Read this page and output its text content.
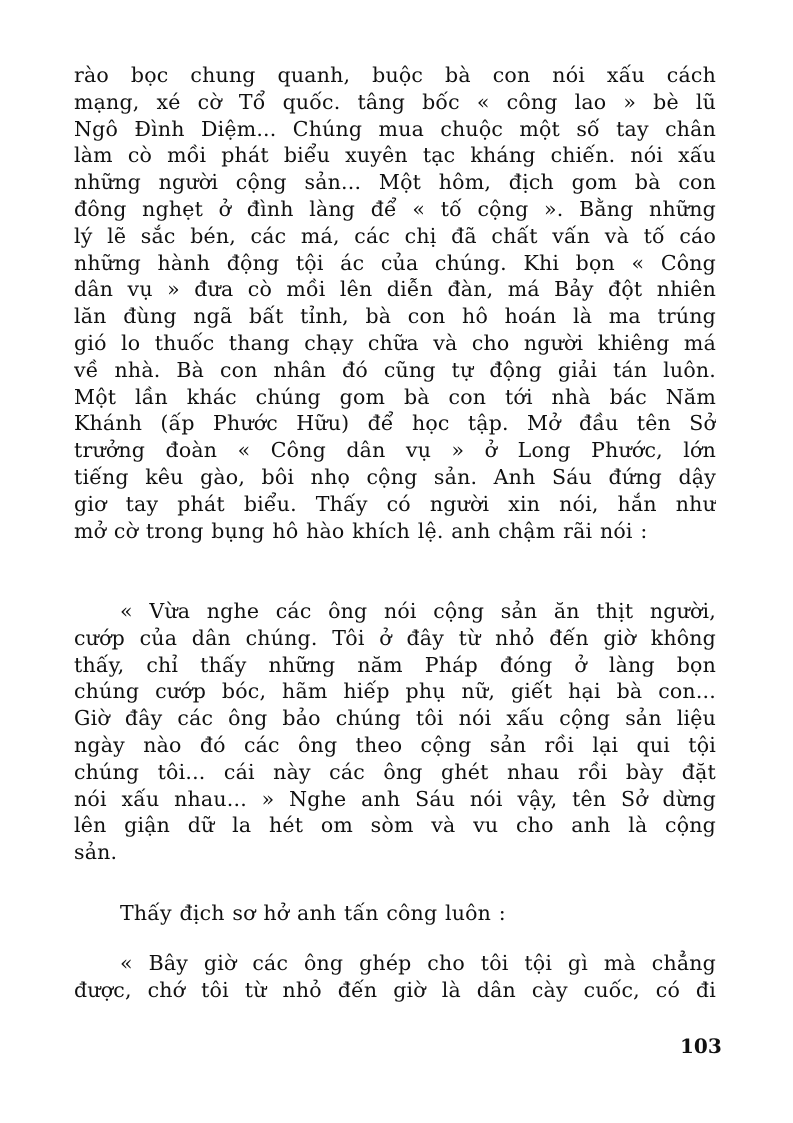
rào bọc chung quanh, buộc bà con nói xấu cách
mạng, xé cờ Tổ quốc. tâng bốc « công lao » bè lũ
Ngô Đình Diệm... Chúng mua chuộc một số tay chân
làm cò mồi phát biểu xuyên tạc kháng chiến. nói xấu
những người cộng sản... Một hôm, địch gom bà con
đông nghẹt ở đình làng để « tố cộng ». Bằng những
lý lẽ sắc bén, các má, các chị đã chất vấn và tố cáo
những hành động tội ác của chúng. Khi bọn « Công
dân vụ » đưa cò mồi lên diễn đàn, má Bảy đột nhiên
lăn đùng ngã bất tỉnh, bà con hô hoán là ma trúng
gió lo thuốc thang chạy chữa và cho người khiêng má
về nhà. Bà con nhân đó cũng tự động giải tán luôn.
Một lần khác chúng gom bà con tới nhà bác Năm
Khánh (ấp Phước Hữu) để học tập. Mở đầu tên Sở
trưởng đoàn « Công dân vụ » ở Long Phước, lớn
tiếng kêu gào, bôi nhọ cộng sản. Anh Sáu đứng dậy
giơ tay phát biểu. Thấy có người xin nói, hắn như
mở cờ trong bụng hô hào khích lệ. anh chậm rãi nói :
« Vừa nghe các ông nói cộng sản ăn thịt người,
cướp của dân chúng. Tôi ở đây từ nhỏ đến giờ không
thấy, chỉ thấy những năm Pháp đóng ở làng bọn
chúng cướp bóc, hãm hiếp phụ nữ, giết hại bà con...
Giờ đây các ông bảo chúng tôi nói xấu cộng sản liệu
ngày nào đó các ông theo cộng sản rồi lại qui tội
chúng tôi... cái này các ông ghét nhau rồi bày đặt
nói xấu nhau... » Nghe anh Sáu nói vậy, tên Sở dừng
lên giận dữ la hét om sòm và vu cho anh là cộng
sản.
Thấy địch sơ hở anh tấn công luôn :
« Bây giờ các ông ghép cho tôi tội gì mà chẳng
được, chớ tôi từ nhỏ đến giờ là dân cày cuốc, có đi
103
